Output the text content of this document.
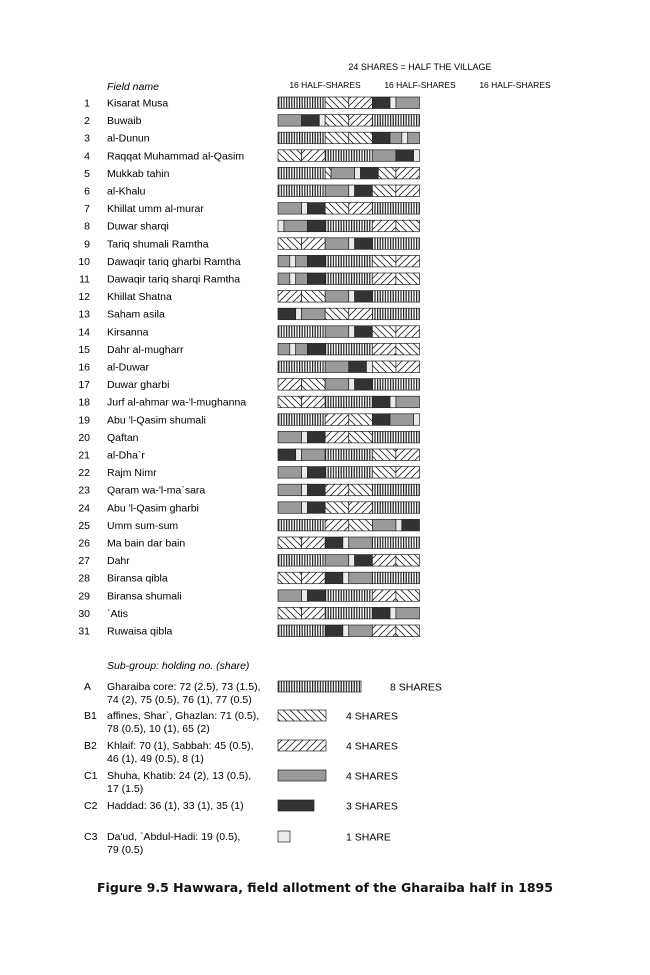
24 SHARES = HALF THE VILLAGE
Field name	16 HALF-SHARES	16 HALF-SHARES	16 HALF-SHARES
1 Kisarat Musa
2 Buwaib
3 al-Dunun
4 Raqqat Muhammad al-Qasim
5 Mukkab tahin
6 al-Khalu
7 Khillat umm al-murar
8 Duwar sharqi
9 Tariq shumali Ramtha
10 Dawaqir tariq gharbi Ramtha
11 Dawaqir tariq sharqi Ramtha
12 Khillat Shatna
13 Saham asila
14 Kirsanna
15 Dahr al-mugharr
16 al-Duwar
17 Duwar gharbi
18 Jurf al-ahmar wa-'l-mughanna
19 Abu 'l-Qasim shumali
20 Qaftan
21 al-Dha`r
22 Rajm Nimr
23 Qaram wa-'l-ma`sara
24 Abu 'l-Qasim gharbi
25 Umm sum-sum
26 Ma bain dar bain
27 Dahr
28 Biransa qibla
29 Biransa shumali
30 `Atis
31 Ruwaisa qibla
Sub-group: holding no. (share)
A Gharaiba core: 72 (2.5), 73 (1.5),
74 (2), 75 (0.5), 76 (1), 77 (0.5)
8 SHARES
B1 affines, Shar`, Ghazlan: 71 (0.5),
78 (0.5), 10 (1), 65 (2)
4 SHARES
B2 Khlaif: 70 (1), Sabbah: 45 (0.5),
46 (1), 49 (0.5), 8 (1)
4 SHARES
C1 Shuha, Khatib: 24 (2), 13 (0.5),
17 (1.5)
4 SHARES
C2 Haddad: 36 (1), 33 (1), 35 (1)	3 SHARES
C3 Da'ud, `Abdul-Hadi: 19 (0.5),
79 (0.5)
1 SHARE
Figure 9.5 Hawwara, field allotment of the Gharaiba half in 1895
